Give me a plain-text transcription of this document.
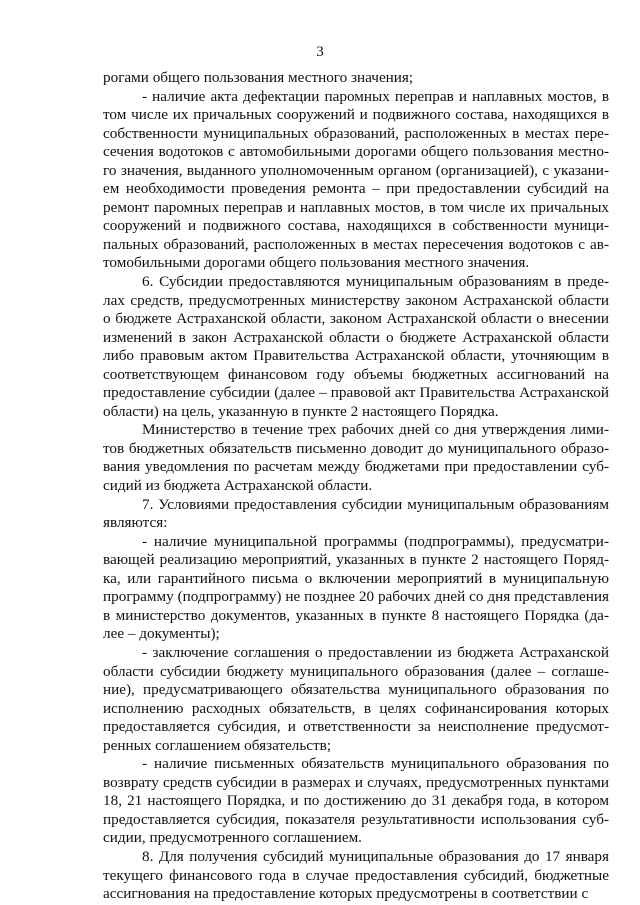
3

рогами общего пользования местного значения;

- наличие акта дефектации паромных переправ и наплавных мостов, в том числе их причальных сооружений и подвижного состава, находящихся в собственности муниципальных образований, расположенных в местах пересечения водотоков с автомобильными дорогами общего пользования местного значения, выданного уполномоченным органом (организацией), с указанием необходимости проведения ремонта – при предоставлении субсидий на ремонт паромных переправ и наплавных мостов, в том числе их причальных сооружений и подвижного состава, находящихся в собственности муниципальных образований, расположенных в местах пересечения водотоков с автомобильными дорогами общего пользования местного значения.

6. Субсидии предоставляются муниципальным образованиям в пределах средств, предусмотренных министерству законом Астраханской области о бюджете Астраханской области, законом Астраханской области о внесении изменений в закон Астраханской области о бюджете Астраханской области либо правовым актом Правительства Астраханской области, уточняющим в соответствующем финансовом году объемы бюджетных ассигнований на предоставление субсидии (далее – правовой акт Правительства Астраханской области) на цель, указанную в пункте 2 настоящего Порядка.

Министерство в течение трех рабочих дней со дня утверждения лимитов бюджетных обязательств письменно доводит до муниципального образования уведомления по расчетам между бюджетами при предоставлении субсидий из бюджета Астраханской области.

7. Условиями предоставления субсидии муниципальным образованиям являются:

- наличие муниципальной программы (подпрограммы), предусматривающей реализацию мероприятий, указанных в пункте 2 настоящего Порядка, или гарантийного письма о включении мероприятий в муниципальную программу (подпрограмму) не позднее 20 рабочих дней со дня представления в министерство документов, указанных в пункте 8 настоящего Порядка (далее – документы);

- заключение соглашения о предоставлении из бюджета Астраханской области субсидии бюджету муниципального образования (далее – соглашение), предусматривающего обязательства муниципального образования по исполнению расходных обязательств, в целях софинансирования которых предоставляется субсидия, и ответственности за неисполнение предусмотренных соглашением обязательств;

- наличие письменных обязательств муниципального образования по возврату средств субсидии в размерах и случаях, предусмотренных пунктами 18, 21 настоящего Порядка, и по достижению до 31 декабря года, в котором предоставляется субсидия, показателя результативности использования субсидии, предусмотренного соглашением.

8. Для получения субсидий муниципальные образования до 17 января текущего финансового года в случае предоставления субсидий, бюджетные ассигнования на предоставление которых предусмотрены в соответствии с
